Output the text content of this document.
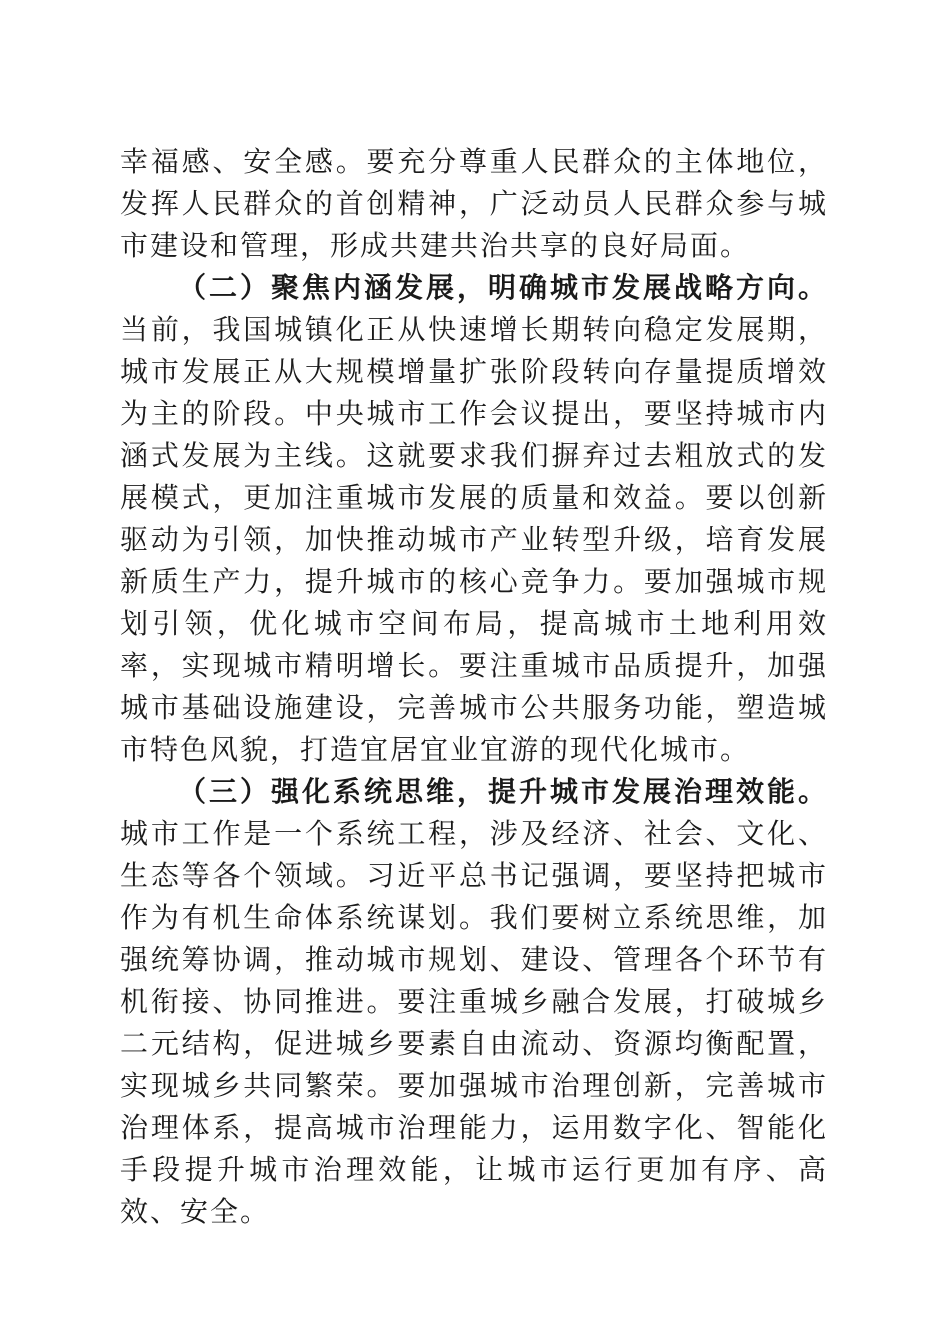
幸福感、安全感。要充分尊重人民群众的主体地位，发挥人民群众的首创精神，广泛动员人民群众参与城市建设和管理，形成共建共治共享的良好局面。

（二）聚焦内涵发展，明确城市发展战略方向。当前，我国城镇化正从快速增长期转向稳定发展期，城市发展正从大规模增量扩张阶段转向存量提质增效为主的阶段。中央城市工作会议提出，要坚持城市内涵式发展为主线。这就要求我们摒弃过去粗放式的发展模式，更加注重城市发展的质量和效益。要以创新驱动为引领，加快推动城市产业转型升级，培育发展新质生产力，提升城市的核心竞争力。要加强城市规划引领，优化城市空间布局，提高城市土地利用效率，实现城市精明增长。要注重城市品质提升，加强城市基础设施建设，完善城市公共服务功能，塑造城市特色风貌，打造宜居宜业宜游的现代化城市。

（三）强化系统思维，提升城市发展治理效能。城市工作是一个系统工程，涉及经济、社会、文化、生态等各个领域。习近平总书记强调，要坚持把城市作为有机生命体系统谋划。我们要树立系统思维，加强统筹协调，推动城市规划、建设、管理各个环节有机衔接、协同推进。要注重城乡融合发展，打破城乡二元结构，促进城乡要素自由流动、资源均衡配置，实现城乡共同繁荣。要加强城市治理创新，完善城市治理体系，提高城市治理能力，运用数字化、智能化手段提升城市治理效能，让城市运行更加有序、高效、安全。
